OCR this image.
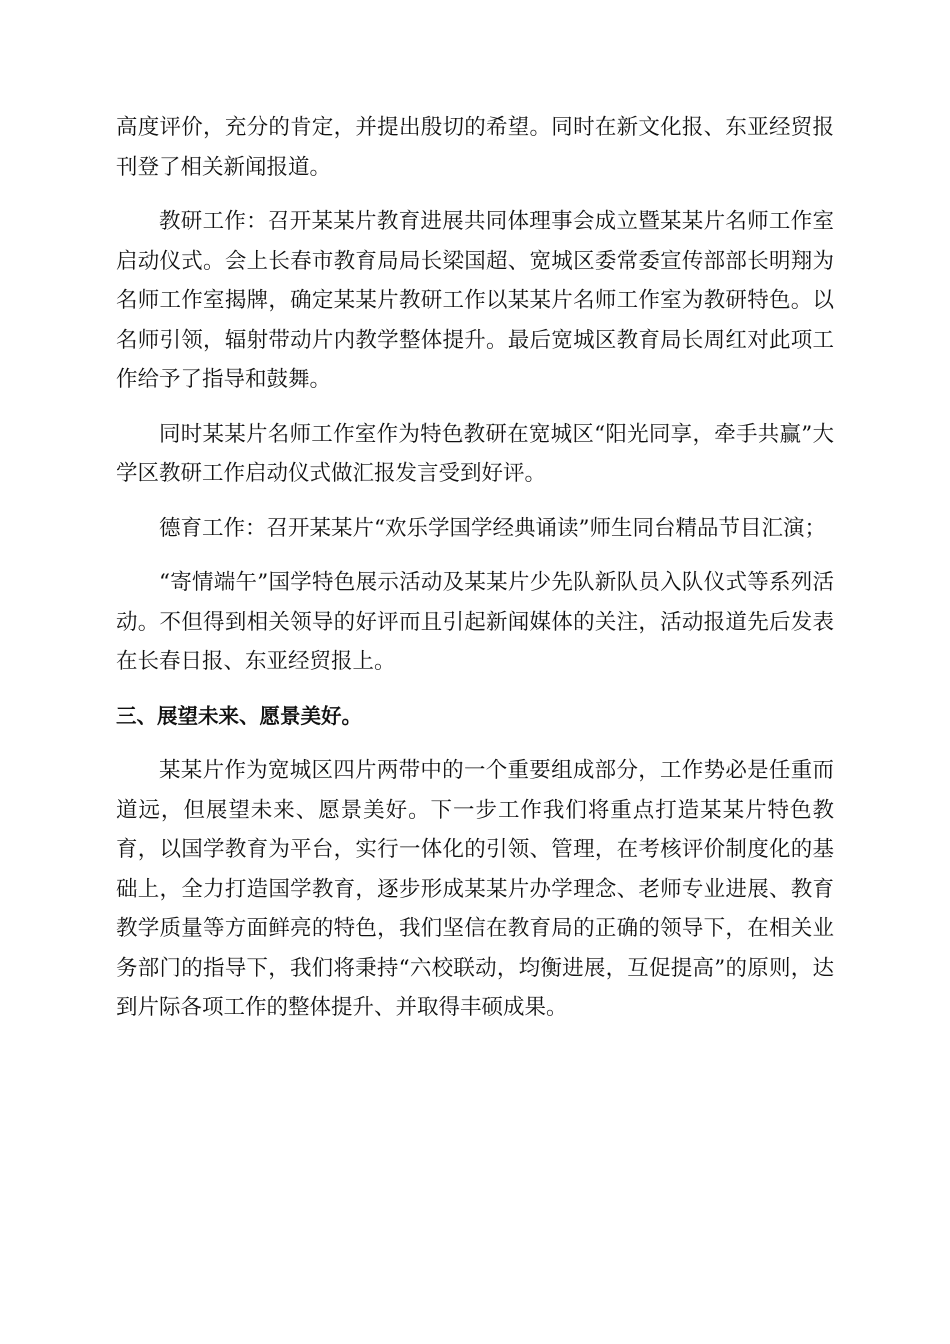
高度评价，充分的肯定，并提出殷切的希望。同时在新文化报、东亚经贸报刊登了相关新闻报道。

教研工作：召开某某片教育进展共同体理事会成立暨某某片名师工作室启动仪式。会上长春市教育局局长梁国超、宽城区委常委宣传部部长明翔为名师工作室揭牌，确定某某片教研工作以某某片名师工作室为教研特色。以名师引领，辐射带动片内教学整体提升。最后宽城区教育局长周红对此项工作给予了指导和鼓舞。

同时某某片名师工作室作为特色教研在宽城区“阳光同享，牵手共赢”大学区教研工作启动仪式做汇报发言受到好评。

德育工作：召开某某片“欢乐学国学经典诵读”师生同台精品节目汇演；

“寄情端午”国学特色展示活动及某某片少先队新队员入队仪式等系列活动。不但得到相关领导的好评而且引起新闻媒体的关注，活动报道先后发表在长春日报、东亚经贸报上。

三、展望未来、愿景美好。

某某片作为宽城区四片两带中的一个重要组成部分，工作势必是任重而道远，但展望未来、愿景美好。下一步工作我们将重点打造某某片特色教育，以国学教育为平台，实行一体化的引领、管理，在考核评价制度化的基础上，全力打造国学教育，逐步形成某某片办学理念、老师专业进展、教育教学质量等方面鲜亮的特色，我们坚信在教育局的正确的领导下，在相关业务部门的指导下，我们将秉持“六校联动，均衡进展，互促提高”的原则，达到片际各项工作的整体提升、并取得丰硕成果。
